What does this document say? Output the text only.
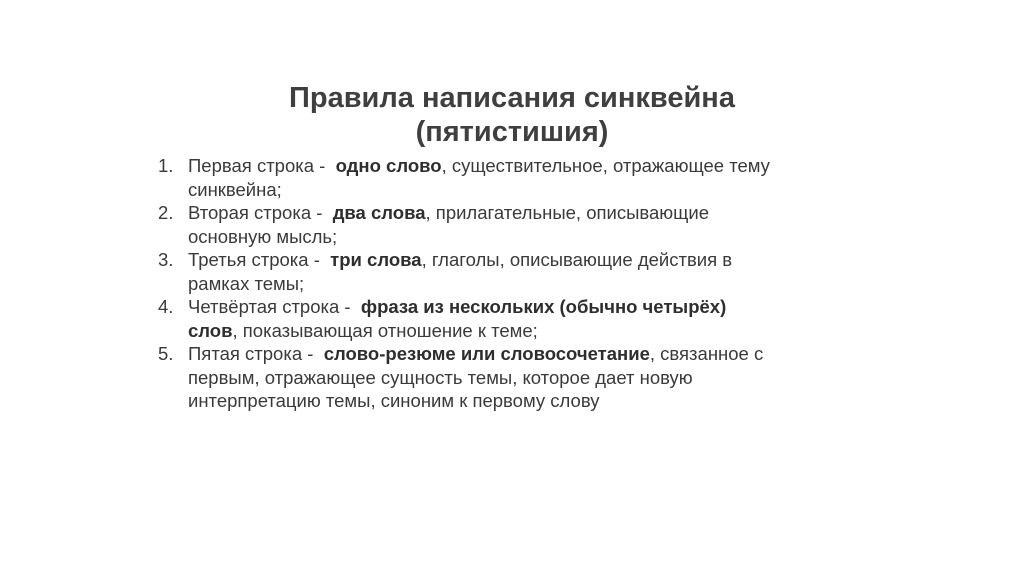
Правила написания синквейна
(пятистишия)
1. Первая строка -  одно слово, существительное, отражающее тему синквейна;
2. Вторая строка -  два слова, прилагательные, описывающие основную мысль;
3. Третья строка -  три слова, глаголы, описывающие действия в рамках темы;
4. Четвёртая строка -  фраза из нескольких (обычно четырёх) слов, показывающая отношение к теме;
5. Пятая строка -  слово-резюме или словосочетание, связанное с первым, отражающее сущность темы, которое дает новую интерпретацию темы, синоним к первому слову
